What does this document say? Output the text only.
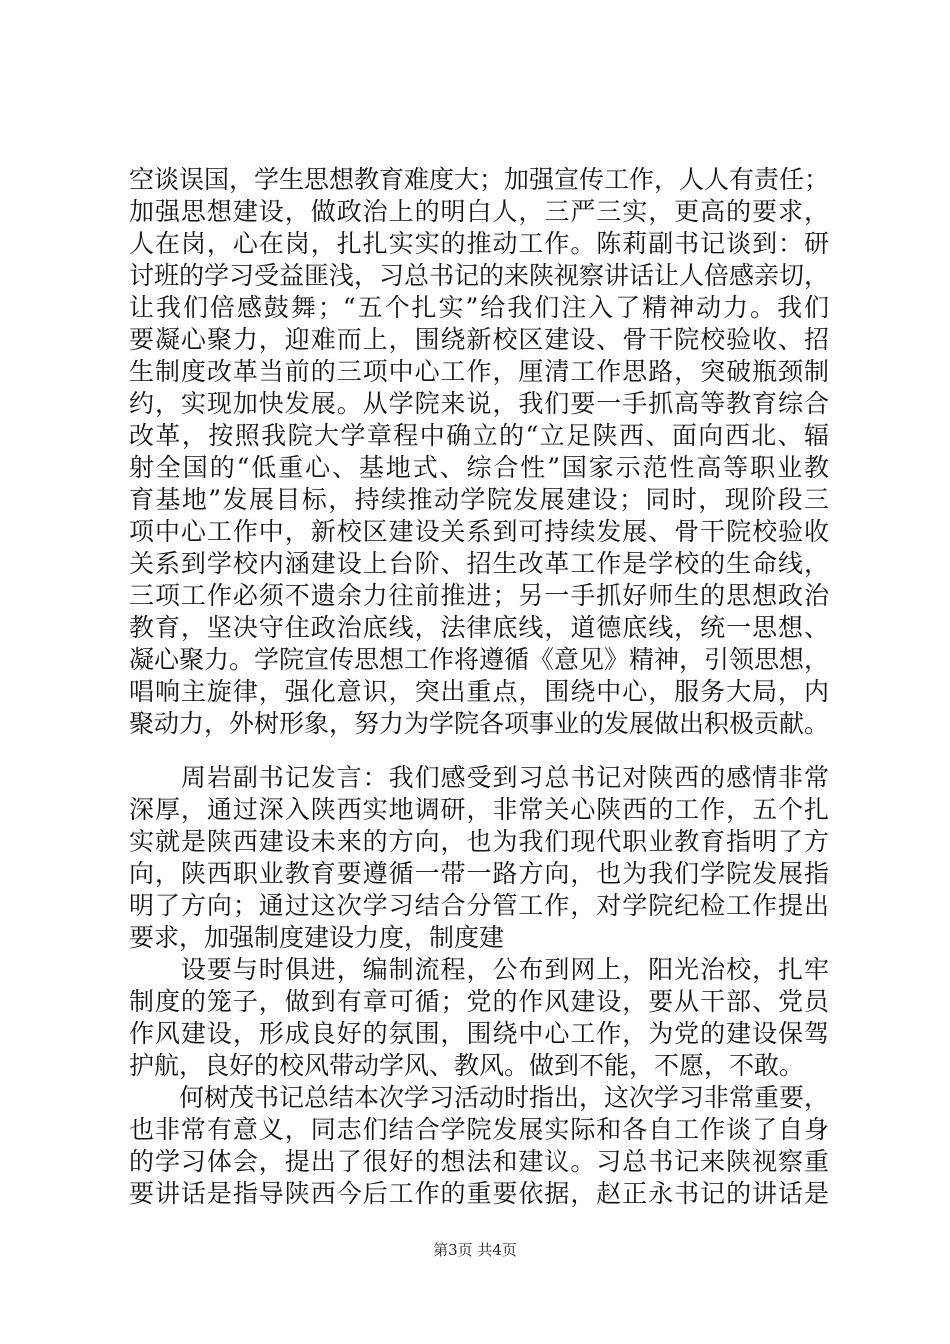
空谈误国，学生思想教育难度大；加强宣传工作，人人有责任；
加强思想建设，做政治上的明白人，三严三实，更高的要求，
人在岗，心在岗，扎扎实实的推动工作。陈莉副书记谈到：研
讨班的学习受益匪浅，习总书记的来陕视察讲话让人倍感亲切，
让我们倍感鼓舞；“五个扎实”给我们注入了精神动力。我们
要凝心聚力，迎难而上，围绕新校区建设、骨干院校验收、招
生制度改革当前的三项中心工作，厘清工作思路，突破瓶颈制
约，实现加快发展。从学院来说，我们要一手抓高等教育综合
改革，按照我院大学章程中确立的“立足陕西、面向西北、辐
射全国的“低重心、基地式、综合性”国家示范性高等职业教
育基地”发展目标，持续推动学院发展建设；同时，现阶段三
项中心工作中，新校区建设关系到可持续发展、骨干院校验收
关系到学校内涵建设上台阶、招生改革工作是学校的生命线，
三项工作必须不遗余力往前推进；另一手抓好师生的思想政治
教育，坚决守住政治底线，法律底线，道德底线，统一思想、
凝心聚力。学院宣传思想工作将遵循《意见》精神，引领思想，
唱响主旋律，强化意识，突出重点，围绕中心，服务大局，内
聚动力，外树形象，努力为学院各项事业的发展做出积极贡献。
　　周岩副书记发言：我们感受到习总书记对陕西的感情非常
深厚，通过深入陕西实地调研，非常关心陕西的工作，五个扎
实就是陕西建设未来的方向，也为我们现代职业教育指明了方
向，陕西职业教育要遵循一带一路方向，也为我们学院发展指
明了方向；通过这次学习结合分管工作，对学院纪检工作提出
要求，加强制度建设力度，制度建
　　设要与时俱进，编制流程，公布到网上，阳光治校，扎牢
制度的笼子，做到有章可循；党的作风建设，要从干部、党员
作风建设，形成良好的氛围，围绕中心工作，为党的建设保驾
护航，良好的校风带动学风、教风。做到不能，不愿，不敢。
　　何树茂书记总结本次学习活动时指出，这次学习非常重要，
也非常有意义，同志们结合学院发展实际和各自工作谈了自身
的学习体会，提出了很好的想法和建议。习总书记来陕视察重
要讲话是指导陕西今后工作的重要依据，赵正永书记的讲话是
第3页 共4页
